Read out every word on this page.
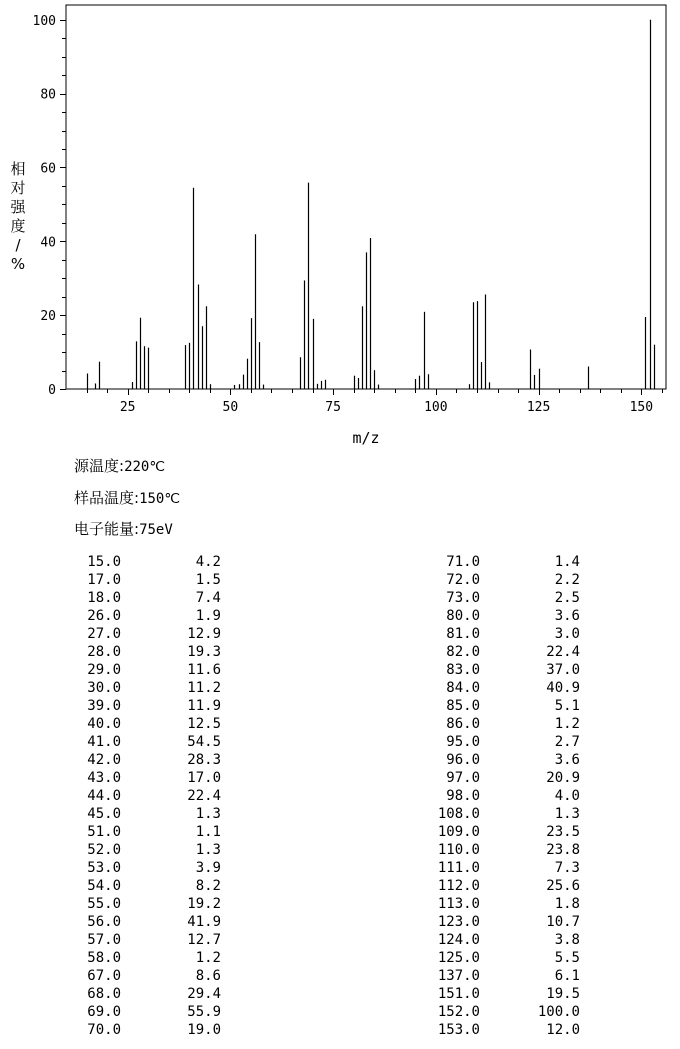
0
20
40
60
80
100
25	50	75	100	125	150
m/z
相
对
强
度
/
%
源温度:220℃
样品温度:150℃
电子能量:75eV
15.0	4.2
17.0	1.5
18.0	7.4
26.0	1.9
27.0	12.9
28.0	19.3
29.0	11.6
30.0	11.2
39.0	11.9
40.0	12.5
41.0	54.5
42.0	28.3
43.0	17.0
44.0	22.4
45.0	1.3
51.0	1.1
52.0	1.3
53.0	3.9
54.0	8.2
55.0	19.2
56.0	41.9
57.0	12.7
58.0	1.2
67.0	8.6
68.0	29.4
69.0	55.9
70.0	19.0
71.0	1.4
72.0	2.2
73.0	2.5
80.0	3.6
81.0	3.0
82.0	22.4
83.0	37.0
84.0	40.9
85.0	5.1
86.0	1.2
95.0	2.7
96.0	3.6
97.0	20.9
98.0	4.0
108.0	1.3
109.0	23.5
110.0	23.8
111.0	7.3
112.0	25.6
113.0	1.8
123.0	10.7
124.0	3.8
125.0	5.5
137.0	6.1
151.0	19.5
152.0	100.0
153.0	12.0
